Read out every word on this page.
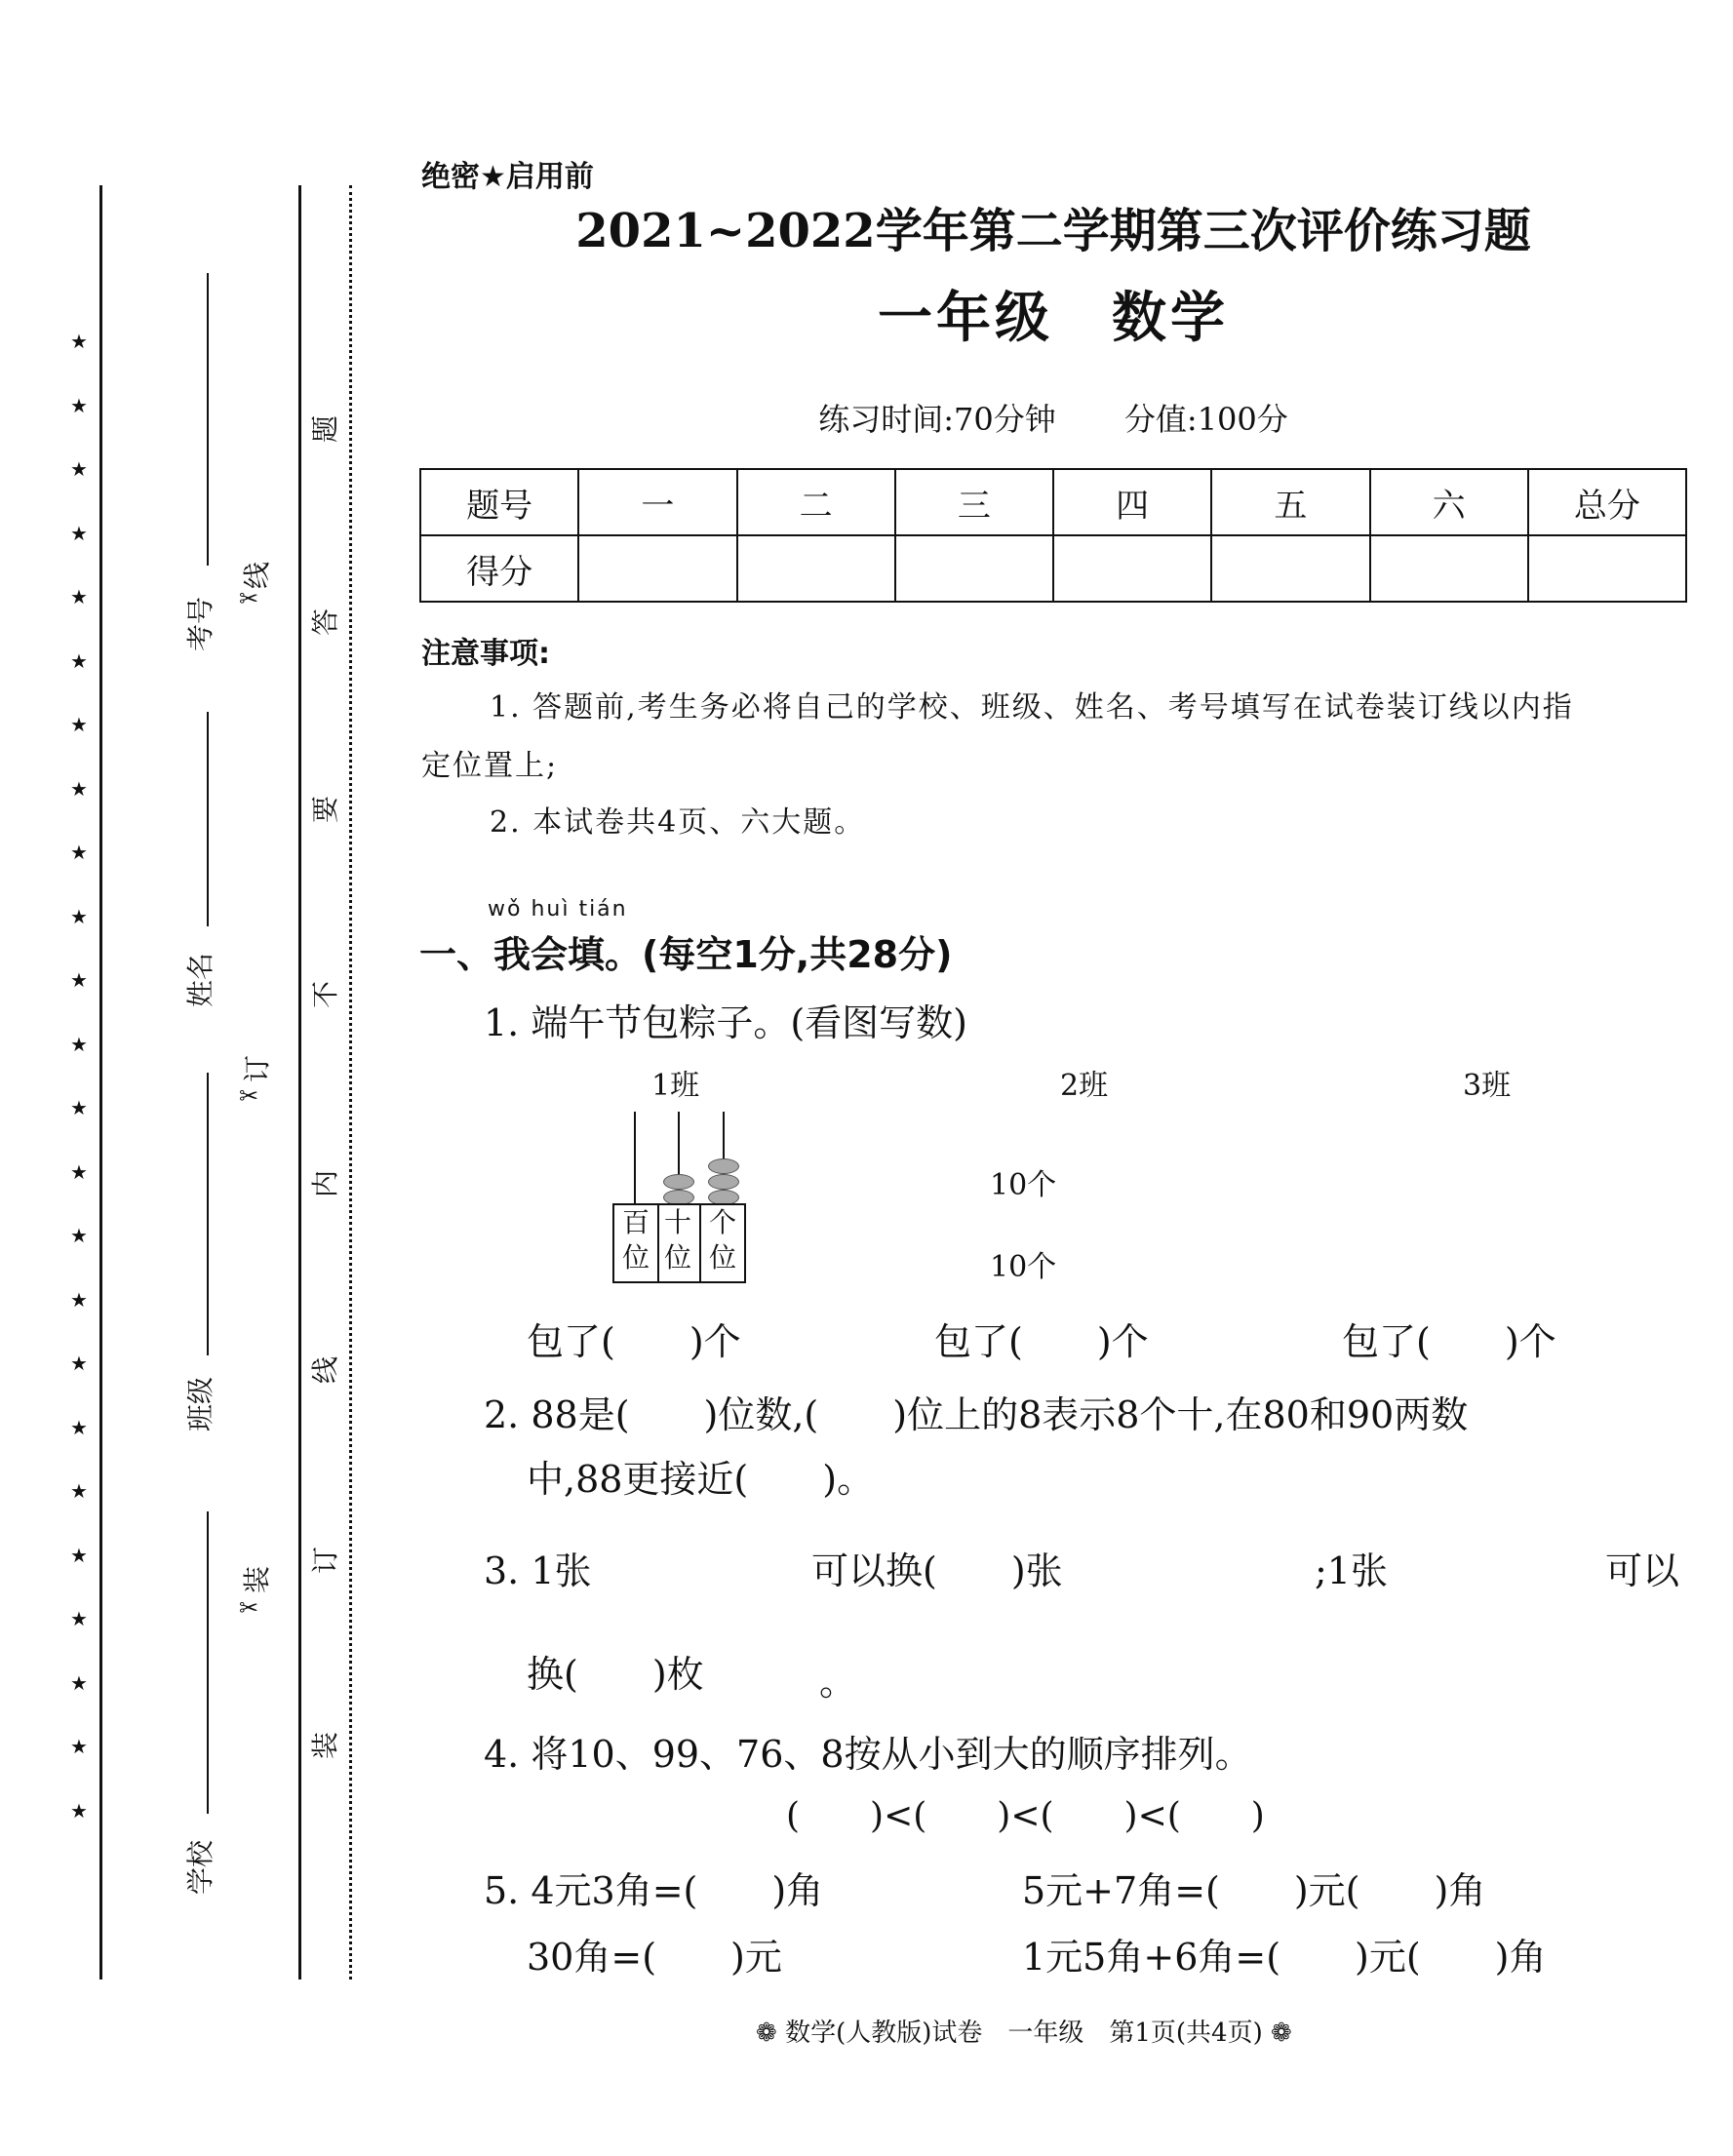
★
★
★
★
★
★
★
★
★
★
★
★
★
★
★
★
★
★
★
★
★
★
★
★
考号
姓名
班级
学校
✂
线
✂
订
✂
装
题
答
要
不
内
线
订
装
绝密★启用前
2021~2022学年第二学期第三次评价练习题
一年级　数学
练习时间:70分钟 分值:100分
题号	一	二	三	四	五	六	总分
得分							
注意事项:
1. 答题前,考生务必将自己的学校、班级、姓名、考号填写在试卷装订线以内指
定位置上;
2. 本试卷共4页、六大题。
wǒ huì tián
一、我会填。(每空1分,共28分)
1. 端午节包粽子。(看图写数)
1班	2班	3班
百
位
十
位
个
位
10个
10个
包了(　　)个	包了(　　)个	包了(　　)个
2. 88是(　　)位数,(　　)位上的8表示8个十,在80和90两数
中,88更接近(　　)。
3. 1张	可以换(　　)张	;1张	可以
换(　　)枚	。
4. 将10、99、76、8按从小到大的顺序排列。
(　　)<(　　)<(　　)<(　　)
5. 4元3角=(　　)角	5元+7角=(　　)元(　　)角
30角=(　　)元	1元5角+6角=(　　)元(　　)角
❁ 数学(人教版)试卷　一年级　第1页(共4页) ❁
